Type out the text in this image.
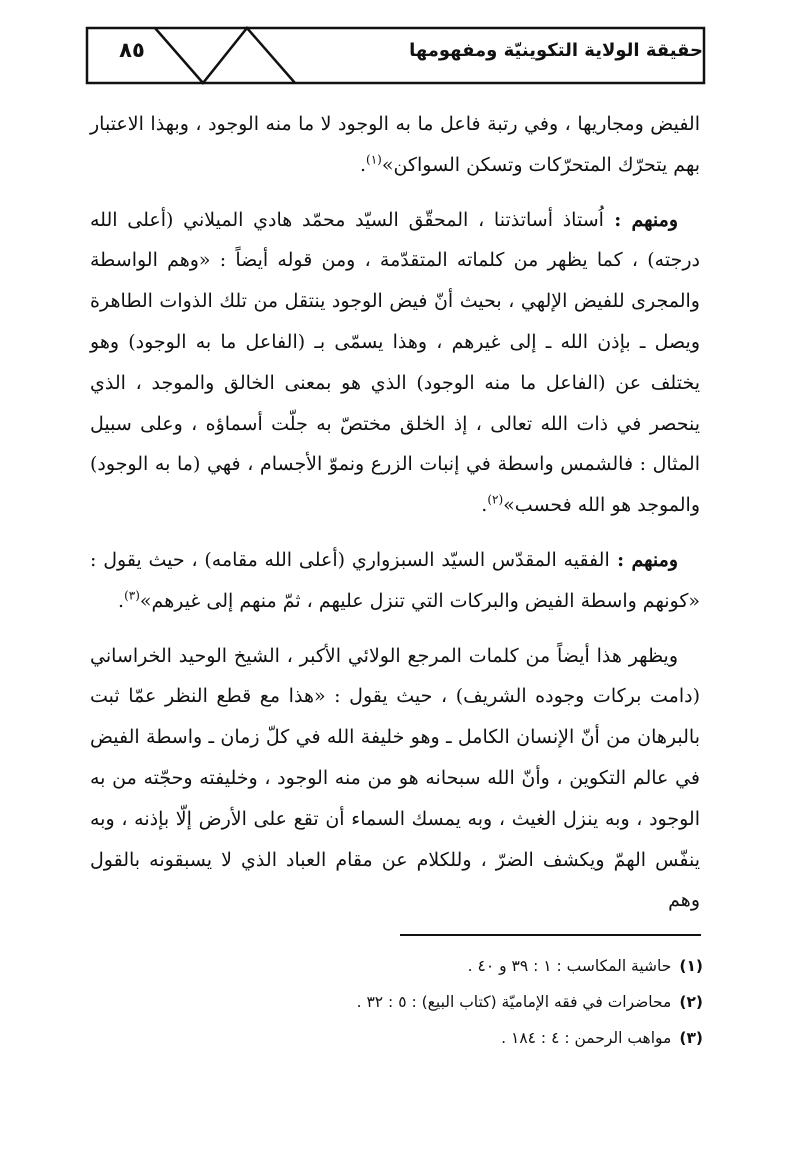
٨٥	حقيقة الولاية التكوينيّة ومفهومها

الفيض ومجاريها ، وفي رتبة فاعل ما به الوجود لا ما منه الوجود ، وبهذا الاعتبار بهم يتحرّك المتحرّكات وتسكن السواكن»$^{(١)}$.

ومنهم : اُستاذ أساتذتنا ، المحقّق السيّد محمّد هادي الميلاني (أعلى الله درجته) ، كما يظهر من كلماته المتقدّمة ، ومن قوله أيضاً : «وهم الواسطة والمجرى للفيض الإلهي ، بحيث أنّ فيض الوجود ينتقل من تلك الذوات الطاهرة ويصل ـ بإذن الله ـ إلى غيرهم ، وهذا يسمّى بـ (الفاعل ما به الوجود) وهو يختلف عن (الفاعل ما منه الوجود) الذي هو بمعنى الخالق والموجد ، الذي ينحصر في ذات الله تعالى ، إذ الخلق مختصّ به جلّت أسماؤه ، وعلى سبيل المثال : فالشمس واسطة في إنبات الزرع ونموّ الأجسام ، فهي (ما به الوجود) والموجد هو الله فحسب»$^{(٢)}$.

ومنهم : الفقيه المقدّس السيّد السبزواري (أعلى الله مقامه) ، حيث يقول : «كونهم واسطة الفيض والبركات التي تنزل عليهم ، ثمّ منهم إلى غيرهم»$^{(٣)}$.

ويظهر هذا أيضاً من كلمات المرجع الولائي الأكبر ، الشيخ الوحيد الخراساني (دامت بركات وجوده الشريف) ، حيث يقول : «هذا مع قطع النظر عمّا ثبت بالبرهان من أنّ الإنسان الكامل ـ وهو خليفة الله في كلّ زمان ـ واسطة الفيض في عالم التكوين ، وأنّ الله سبحانه هو من منه الوجود ، وخليفته وحجّته من به الوجود ، وبه ينزل الغيث ، وبه يمسك السماء أن تقع على الأرض إلّا بإذنه ، وبه ينفّس الهمّ ويكشف الضرّ ، وللكلام عن مقام العباد الذي لا يسبقونه بالقول وهم

(١)حاشية المكاسب : ١ : ٣٩ و ٤٠ .
(٢)محاضرات في فقه الإماميّة (كتاب البيع) : ٥ : ٣٢ .
(٣)مواهب الرحمن : ٤ : ١٨٤ .
